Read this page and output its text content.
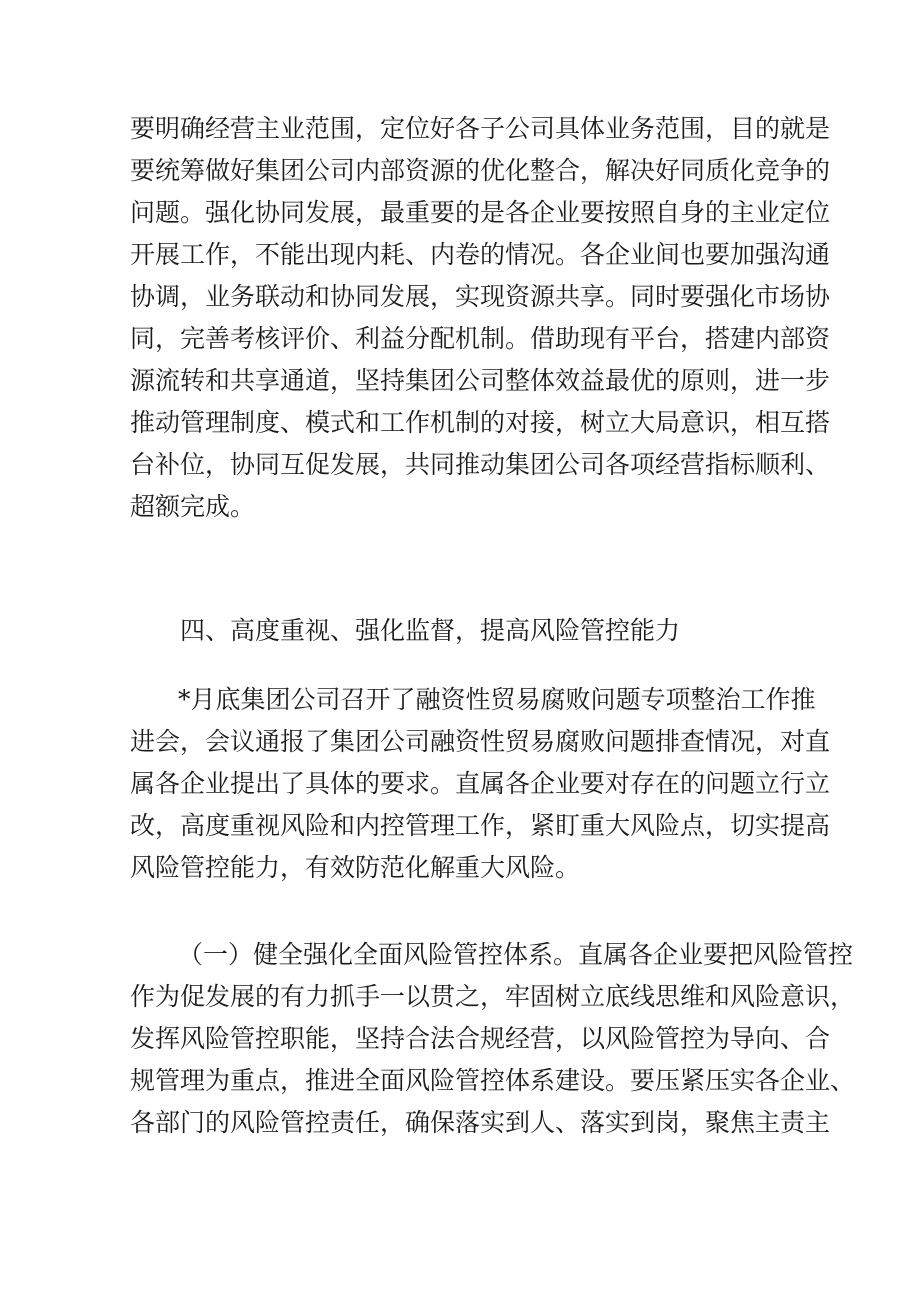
要明确经营主业范围，定位好各子公司具体业务范围，目的就是
要统筹做好集团公司内部资源的优化整合，解决好同质化竞争的
问题。强化协同发展，最重要的是各企业要按照自身的主业定位
开展工作，不能出现内耗、内卷的情况。各企业间也要加强沟通
协调，业务联动和协同发展，实现资源共享。同时要强化市场协
同，完善考核评价、利益分配机制。借助现有平台，搭建内部资
源流转和共享通道，坚持集团公司整体效益最优的原则，进一步
推动管理制度、模式和工作机制的对接，树立大局意识，相互搭
台补位，协同互促发展，共同推动集团公司各项经营指标顺利、
超额完成。
四、高度重视、强化监督，提高风险管控能力
*月底集团公司召开了融资性贸易腐败问题专项整治工作推
进会，会议通报了集团公司融资性贸易腐败问题排查情况，对直
属各企业提出了具体的要求。直属各企业要对存在的问题立行立
改，高度重视风险和内控管理工作，紧盯重大风险点，切实提高
风险管控能力，有效防范化解重大风险。
（一）健全强化全面风险管控体系。直属各企业要把风险管控
作为促发展的有力抓手一以贯之，牢固树立底线思维和风险意识，
发挥风险管控职能，坚持合法合规经营，以风险管控为导向、合
规管理为重点，推进全面风险管控体系建设。要压紧压实各企业、
各部门的风险管控责任，确保落实到人、落实到岗，聚焦主责主
